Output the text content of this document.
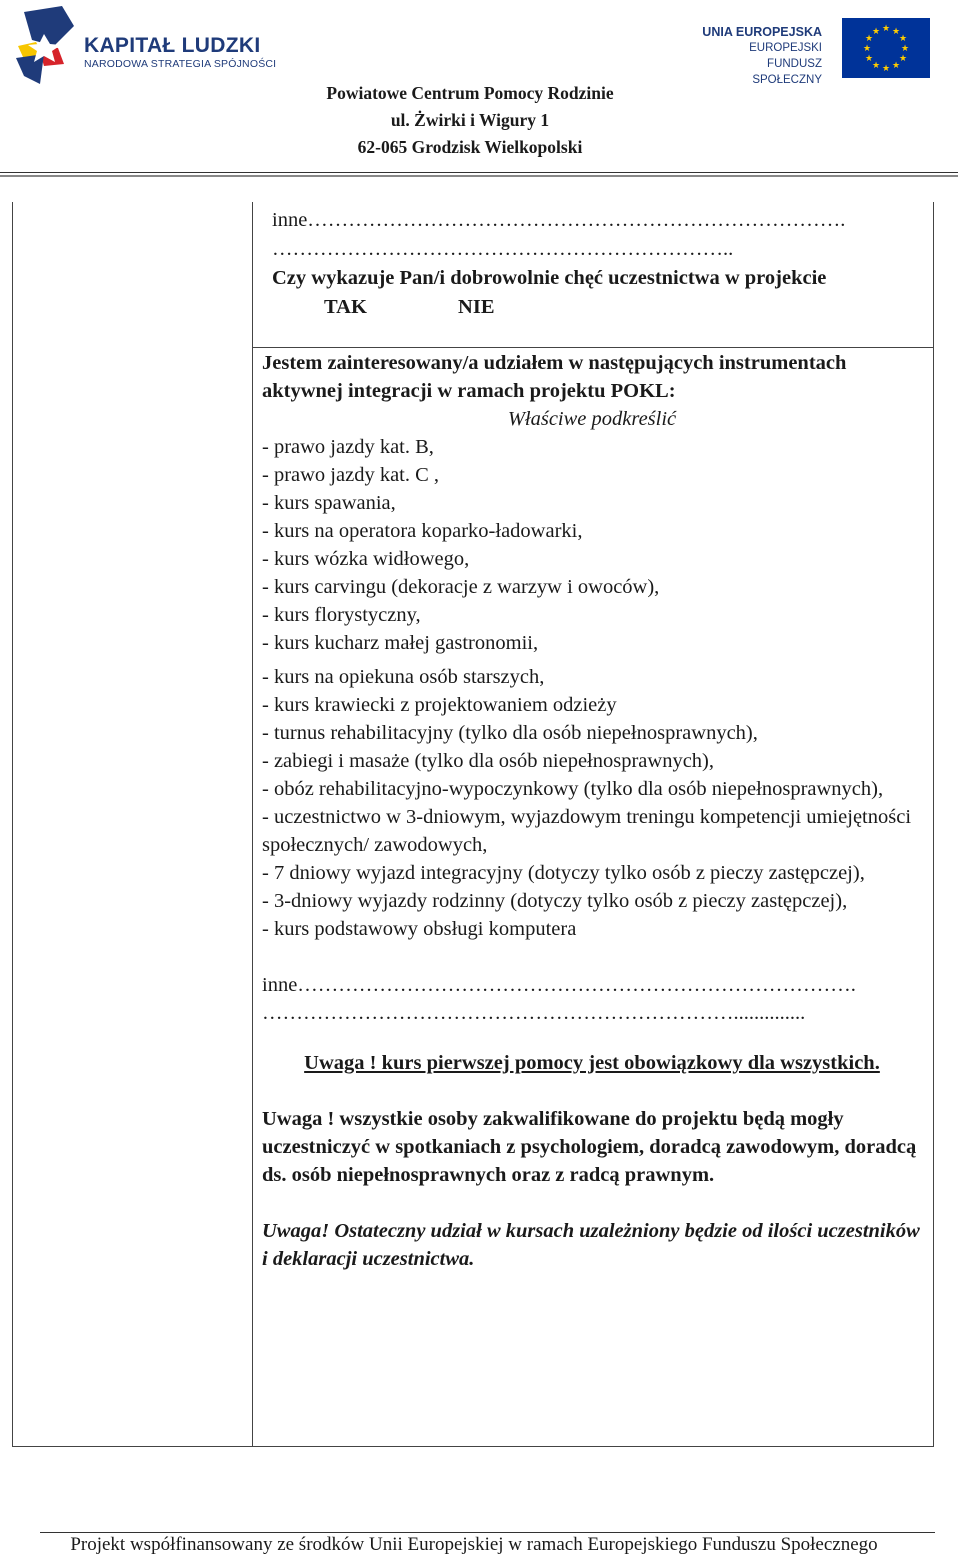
KAPITAŁ LUDZKI
NARODOWA STRATEGIA SPÓJNOŚCI
UNIA EUROPEJSKA
EUROPEJSKI
FUNDUSZ SPOŁECZNY
★ ★
★
★
★
★
★
★
★
★
★
★
Powiatowe Centrum Pomocy Rodzinie
ul. Żwirki i Wigury 1
62-065 Grodzisk Wielkopolski
inne…………………………………………………………………….
…………………………………………………………..
Czy wykazuje Pan/i dobrowolnie chęć uczestnictwa w projekcie TAK	NIE
Jestem zainteresowany/a udziałem w następujących instrumentach aktywnej integracji w ramach projektu POKL:
Właściwe podkreślić
- prawo jazdy kat. B,
- prawo jazdy kat. C ,
- kurs spawania,
- kurs na operatora koparko-ładowarki,
- kurs wózka widłowego,
- kurs carvingu (dekoracje z warzyw i owoców),
- kurs florystyczny,
- kurs kucharz małej gastronomii,
- kurs na opiekuna osób starszych,
- kurs krawiecki z projektowaniem odzieży
- turnus rehabilitacyjny (tylko dla osób niepełnosprawnych),
- zabiegi i masaże (tylko dla osób niepełnosprawnych),
- obóz rehabilitacyjno-wypoczynkowy (tylko dla osób niepełnosprawnych),
- uczestnictwo w 3-dniowym, wyjazdowym treningu kompetencji umiejętności społecznych/ zawodowych,
- 7 dniowy wyjazd integracyjny (dotyczy tylko osób z pieczy zastępczej),
- 3-dniowy wyjazdy rodzinny (dotyczy tylko osób z pieczy zastępczej),
- kurs podstawowy obsługi komputera
inne……………………………………………………………………….
……………………………………………………………..............
Uwaga ! kurs pierwszej pomocy jest obowiązkowy dla wszystkich.
Uwaga ! wszystkie osoby zakwalifikowane do projektu będą mogły uczestniczyć w spotkaniach z psychologiem, doradcą zawodowym, doradcą ds. osób niepełnosprawnych oraz z radcą prawnym.
Uwaga! Ostateczny udział w kursach uzależniony będzie od ilości uczestników i deklaracji uczestnictwa.
Projekt współfinansowany ze środków Unii Europejskiej w ramach Europejskiego Funduszu Społecznego
